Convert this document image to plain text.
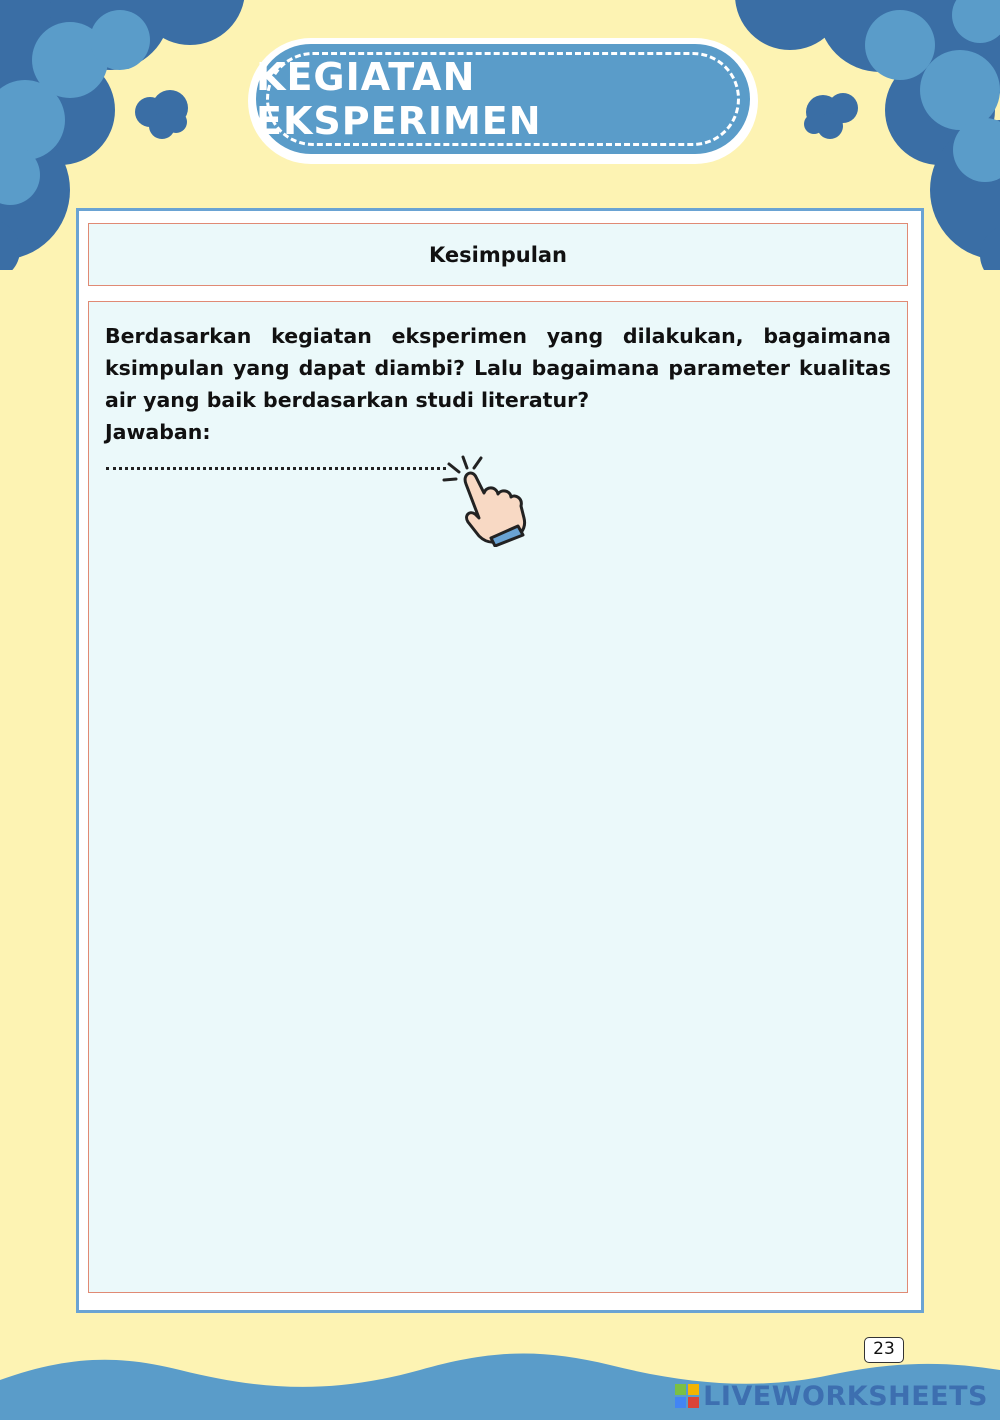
KEGIATAN EKSPERIMEN
Kesimpulan

Berdasarkan kegiatan eksperimen yang dilakukan, bagaimana ksimpulan yang dapat diambi? Lalu bagaimana parameter kualitas air yang baik berdasarkan studi literatur?

Jawaban:

23
LIVEWORKSHEETS
